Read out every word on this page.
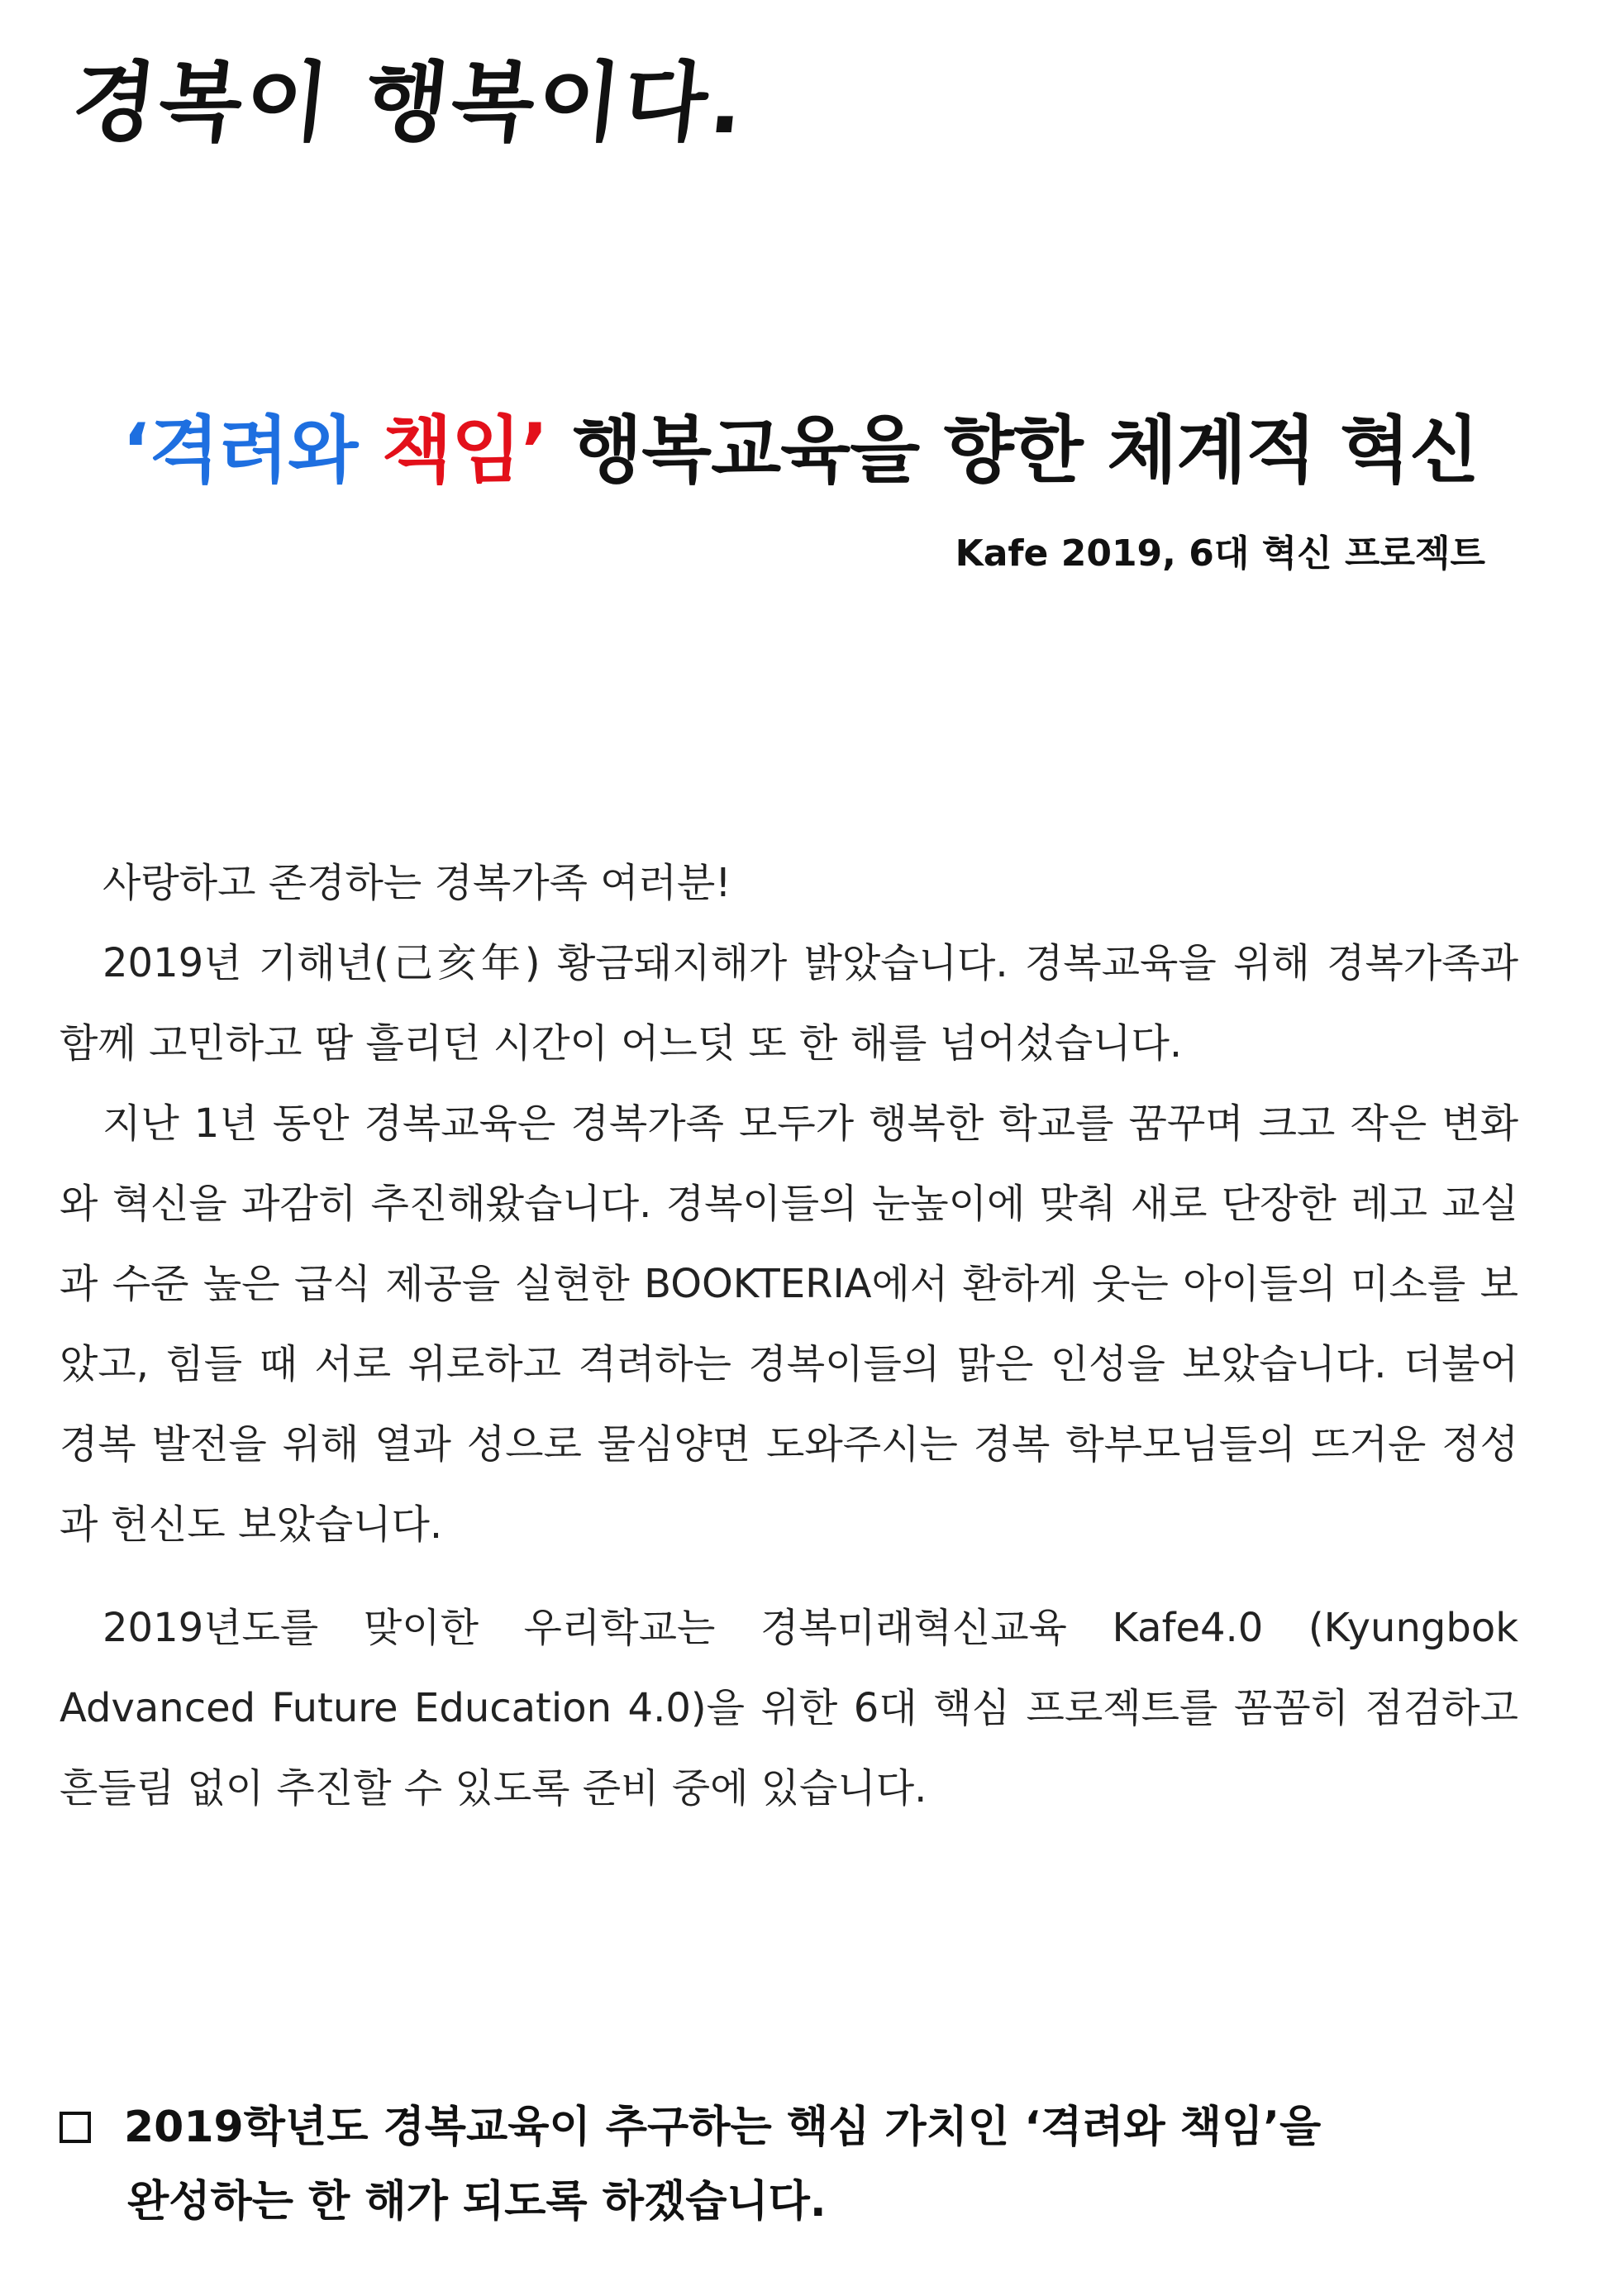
경복이 행복이다.
‘격려와 책임’ 행복교육을 향한 체계적 혁신
Kafe 2019, 6대 혁신 프로젝트

사랑하고 존경하는 경복가족 여러분!

2019년 기해년(己亥年) 황금돼지해가 밝았습니다. 경복교육을 위해 경복가족과 함께 고민하고 땀 흘리던 시간이 어느덧 또 한 해를 넘어섰습니다.

지난 1년 동안 경복교육은 경복가족 모두가 행복한 학교를 꿈꾸며 크고 작은 변화와 혁신을 과감히 추진해왔습니다. 경복이들의 눈높이에 맞춰 새로 단장한 레고 교실과 수준 높은 급식 제공을 실현한 BOOKTERIA에서 환하게 웃는 아이들의 미소를 보았고, 힘들 때 서로 위로하고 격려하는 경복이들의 맑은 인성을 보았습니다. 더불어 경복 발전을 위해 열과 성으로 물심양면 도와주시는 경복 학부모님들의 뜨거운 정성과 헌신도 보았습니다.

2019년도를 맞이한 우리학교는 경복미래혁신교육 Kafe4.0 (Kyungbok Advanced Future Education 4.0)을 위한 6대 핵심 프로젝트를 꼼꼼히 점검하고 흔들림 없이 추진할 수 있도록 준비 중에 있습니다.

2019학년도 경복교육이 추구하는 핵심 가치인 ‘격려와 책임’을
완성하는 한 해가 되도록 하겠습니다.
